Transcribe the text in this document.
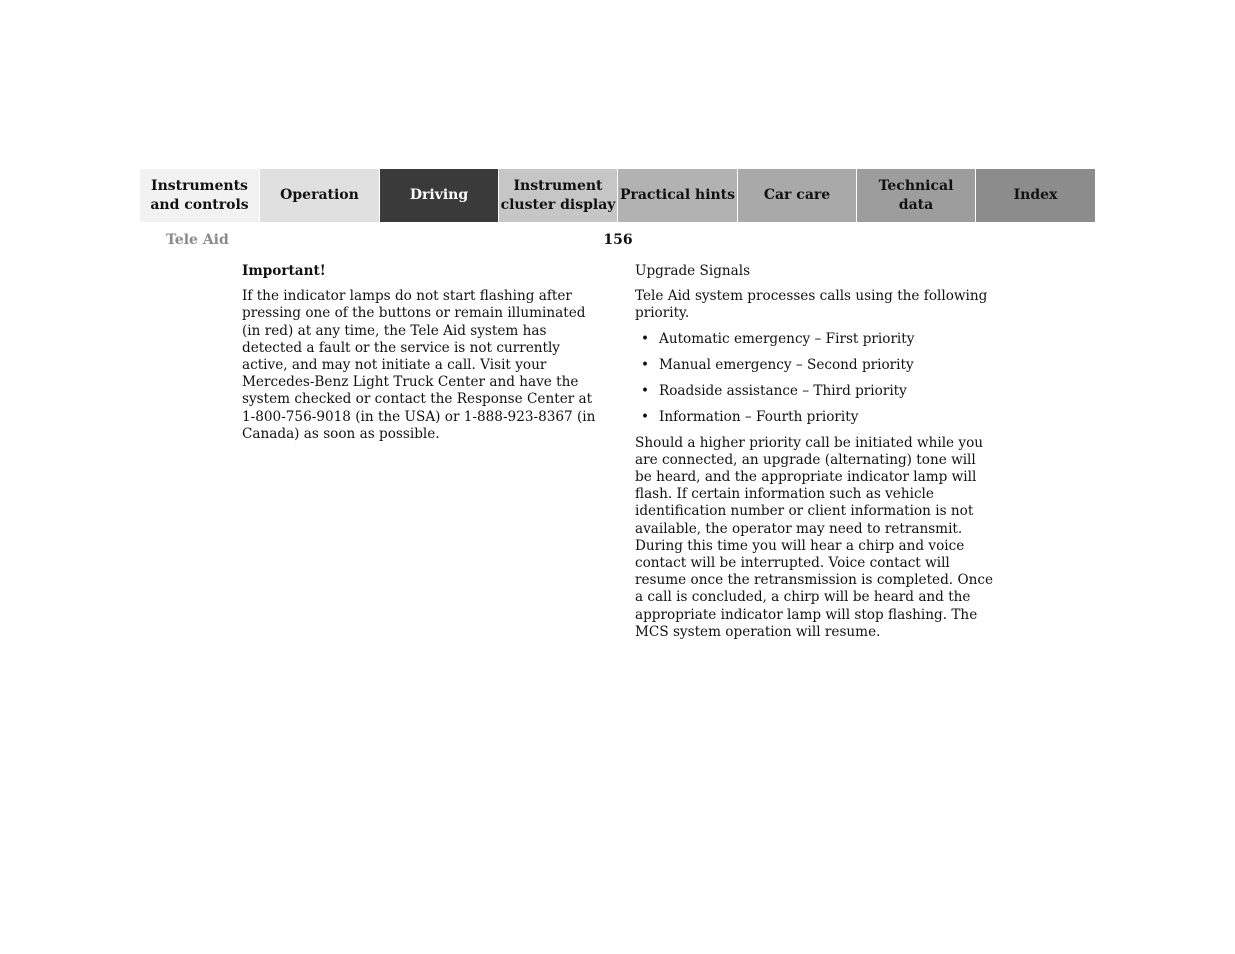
Instruments
and controls
Operation	Driving
Instrument
cluster display
Practical hints Car care
Technical
data
Index
Tele Aid	156
Important!

If the indicator lamps do not start flashing after pressing one of the buttons or remain illuminated (in red) at any time, the Tele Aid system has detected a fault or the service is not currently active, and may not initiate a call. Visit your Mercedes-Benz Light Truck Center and have the system checked or contact the Response Center at 1-800-756-9018 (in the USA) or 1-888-923-8367 (in Canada) as soon as possible.

Upgrade Signals

Tele Aid system processes calls using the following priority.

• Automatic emergency – First priority
• Manual emergency – Second priority
• Roadside assistance – Third priority
• Information – Fourth priority

Should a higher priority call be initiated while you are connected, an upgrade (alternating) tone will be heard, and the appropriate indicator lamp will flash. If certain information such as vehicle identification number or client information is not available, the operator may need to retransmit. During this time you will hear a chirp and voice contact will be interrupted. Voice contact will resume once the retransmission is completed. Once a call is concluded, a chirp will be heard and the appropriate indicator lamp will stop flashing. The MCS system operation will resume.
